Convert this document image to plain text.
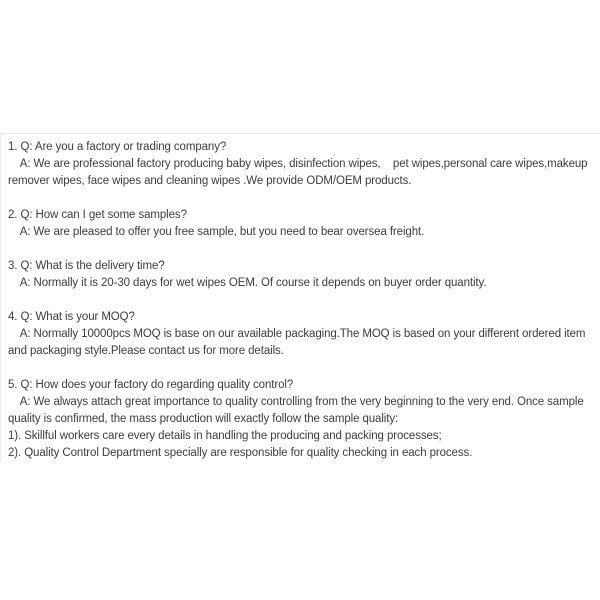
1. Q: Are you a factory or trading company?
A: We are professional factory producing baby wipes, disinfection wipes,    pet wipes,personal care wipes,makeup
remover wipes, face wipes and cleaning wipes .We provide ODM/OEM products.
2. Q: How can I get some samples?
A: We are pleased to offer you free sample, but you need to bear oversea freight.
3. Q: What is the delivery time?
A: Normally it is 20-30 days for wet wipes OEM. Of course it depends on buyer order quantity.
4. Q: What is your MOQ?
A: Normally 10000pcs MOQ is base on our available packaging.The MOQ is based on your different ordered item
and packaging style.Please contact us for more details.
5. Q: How does your factory do regarding quality control?
A: We always attach great importance to quality controlling from the very beginning to the very end. Once sample
quality is confirmed, the mass production will exactly follow the sample quality:
1). Skillful workers care every details in handling the producing and packing processes;
2). Quality Control Department specially are responsible for quality checking in each process.
